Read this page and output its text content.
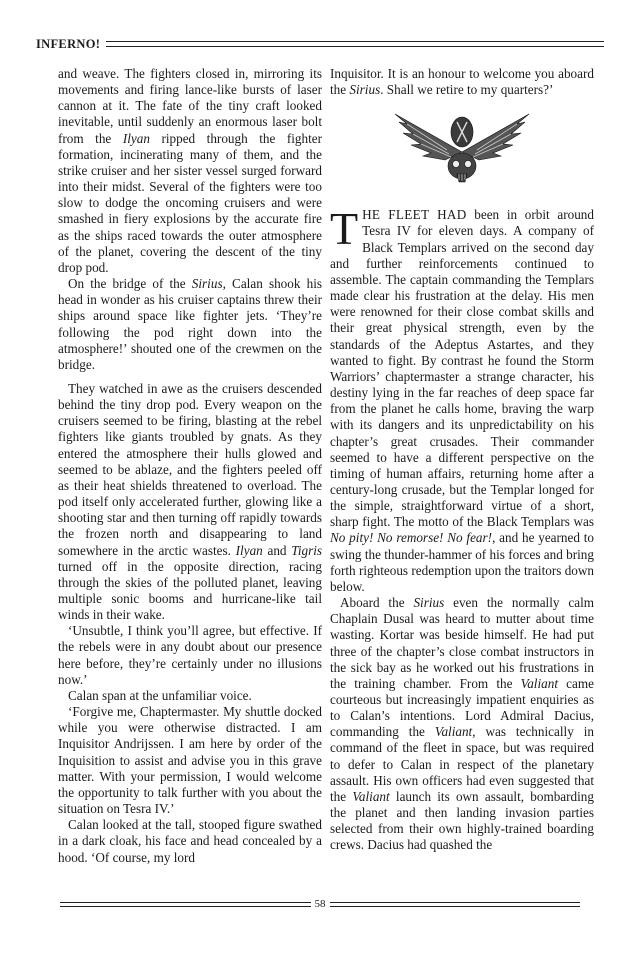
INFERNO!

and weave. The fighters closed in, mirroring its movements and firing lance-like bursts of laser cannon at it. The fate of the tiny craft looked inevitable, until suddenly an enormous laser bolt from the Ilyan ripped through the fighter formation, incinerating many of them, and the strike cruiser and her sister vessel surged forward into their midst. Several of the fighters were too slow to dodge the oncoming cruisers and were smashed in fiery explosions by the accurate fire as the ships raced towards the outer atmosphere of the planet, covering the descent of the tiny drop pod.

On the bridge of the Sirius, Calan shook his head in wonder as his cruiser captains threw their ships around space like fighter jets. ‘They’re following the pod right down into the atmosphere!’ shouted one of the crewmen on the bridge.

They watched in awe as the cruisers descended behind the tiny drop pod. Every weapon on the cruisers seemed to be firing, blasting at the rebel fighters like giants troubled by gnats. As they entered the atmosphere their hulls glowed and seemed to be ablaze, and the fighters peeled off as their heat shields threatened to overload. The pod itself only accelerated further, glowing like a shooting star and then turning off rapidly towards the frozen north and disappearing to land somewhere in the arctic wastes. Ilyan and Tigris turned off in the opposite direction, racing through the skies of the polluted planet, leaving multiple sonic booms and hurricane-like tail winds in their wake.

‘Unsubtle, I think you’ll agree, but effective. If the rebels were in any doubt about our presence here before, they’re certainly under no illusions now.’

Calan span at the unfamiliar voice.

‘Forgive me, Chaptermaster. My shuttle docked while you were otherwise distracted. I am Inquisitor Andrijssen. I am here by order of the Inquisition to assist and advise you in this grave matter. With your permission, I would welcome the opportunity to talk further with you about the situation on Tesra IV.’

Calan looked at the tall, stooped figure swathed in a dark cloak, his face and head concealed by a hood. ‘Of course, my lord

Inquisitor. It is an honour to welcome you aboard the Sirius. Shall we retire to my quarters?’

THE FLEET HAD been in orbit around Tesra IV for eleven days. A company of Black Templars arrived on the second day and further reinforcements continued to assemble. The captain commanding the Templars made clear his frustration at the delay. His men were renowned for their close combat skills and their great physical strength, even by the standards of the Adeptus Astartes, and they wanted to fight. By contrast he found the Storm Warriors’ chaptermaster a strange character, his destiny lying in the far reaches of deep space far from the planet he calls home, braving the warp with its dangers and its unpredictability on his chapter’s great crusades. Their commander seemed to have a different perspective on the timing of human affairs, returning home after a century-long crusade, but the Templar longed for the simple, straightforward virtue of a short, sharp fight. The motto of the Black Templars was No pity! No remorse! No fear!, and he yearned to swing the thunder-hammer of his forces and bring forth righteous redemption upon the traitors down below.

Aboard the Sirius even the normally calm Chaplain Dusal was heard to mutter about time wasting. Kortar was beside himself. He had put three of the chapter’s close combat instructors in the sick bay as he worked out his frustrations in the training chamber. From the Valiant came courteous but increasingly impatient enquiries as to Calan’s intentions. Lord Admiral Dacius, commanding the Valiant, was technically in command of the fleet in space, but was required to defer to Calan in respect of the planetary assault. His own officers had even suggested that the Valiant launch its own assault, bombarding the planet and then landing invasion parties selected from their own highly-trained boarding crews. Dacius had quashed the

58
